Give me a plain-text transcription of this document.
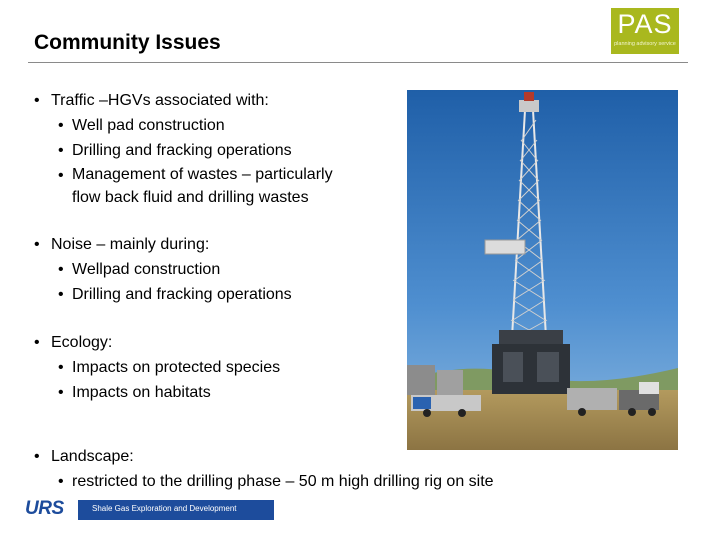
Community Issues
PAS
planning advisory service
• Traffic –HGVs associated with:
• Well pad construction
• Drilling and fracking operations
• Management of wastes – particularly
flow back fluid and drilling wastes
• Noise – mainly during:
• Wellpad construction
• Drilling and fracking operations
• Ecology:
• Impacts on protected species
• Impacts on habitats
• Landscape:
• restricted to the drilling phase – 50 m high drilling rig on site
URS	Shale Gas Exploration and Development
